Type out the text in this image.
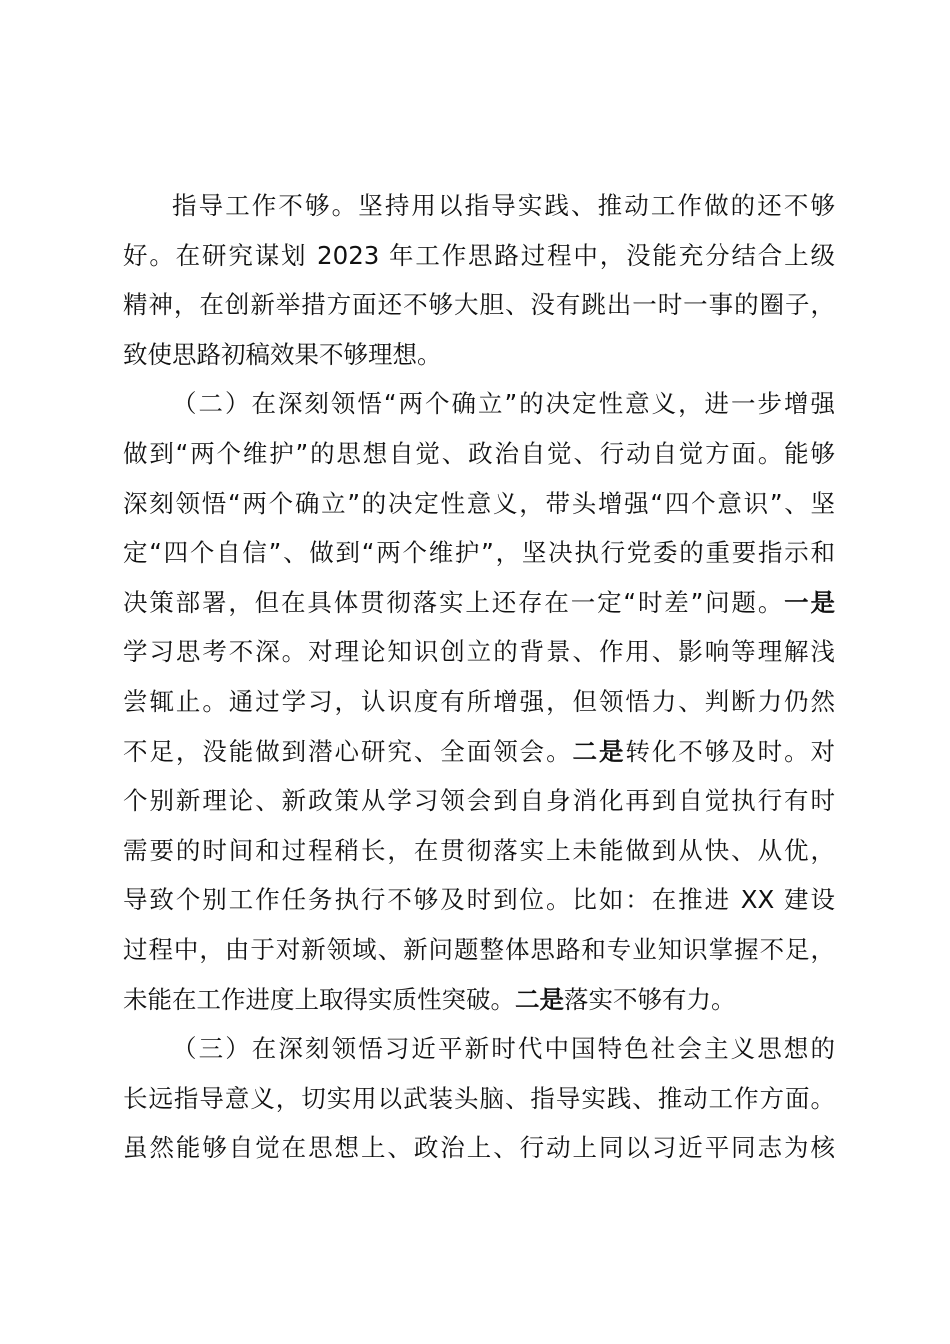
指导工作不够。坚持用以指导实践、推动工作做的还不够
好。在研究谋划 2023 年工作思路过程中，没能充分结合上级
精神，在创新举措方面还不够大胆、没有跳出一时一事的圈子，
致使思路初稿效果不够理想。
（二）在深刻领悟“两个确立”的决定性意义，进一步增强
做到“两个维护”的思想自觉、政治自觉、行动自觉方面。能够
深刻领悟“两个确立”的决定性意义，带头增强“四个意识”、坚
定“四个自信”、做到“两个维护”，坚决执行党委的重要指示和
决策部署，但在具体贯彻落实上还存在一定“时差”问题。一是
学习思考不深。对理论知识创立的背景、作用、影响等理解浅
尝辄止。通过学习，认识度有所增强，但领悟力、判断力仍然
不足，没能做到潜心研究、全面领会。二是转化不够及时。对
个别新理论、新政策从学习领会到自身消化再到自觉执行有时
需要的时间和过程稍长，在贯彻落实上未能做到从快、从优，
导致个别工作任务执行不够及时到位。比如：在推进 XX 建设
过程中，由于对新领域、新问题整体思路和专业知识掌握不足，
未能在工作进度上取得实质性突破。二是落实不够有力。
（三）在深刻领悟习近平新时代中国特色社会主义思想的
长远指导意义，切实用以武装头脑、指导实践、推动工作方面。
虽然能够自觉在思想上、政治上、行动上同以习近平同志为核
